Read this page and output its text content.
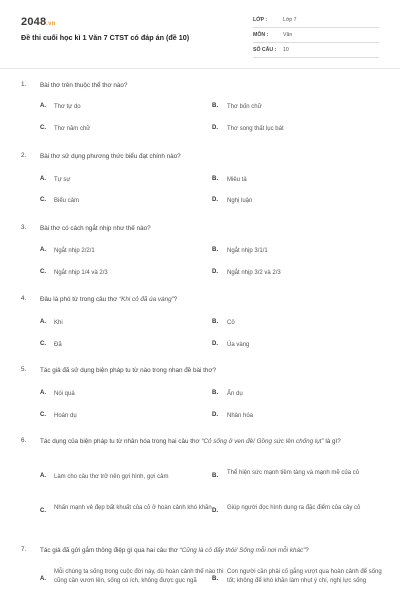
2048.vn
Đề thi cuối học kì 1 Văn 7 CTST có đáp án (đề 10)
LỚP :	Lớp 7
MÔN :	Văn
SỐ CÂU : 10
1. Bài thơ trên thuộc thể thơ nào?
A. Thơ tự do	B. Thơ bốn chữ
C. Thơ năm chữ	D. Thơ song thất lục bát
2. Bài thơ sử dụng phương thức biểu đạt chính nào?
A. Tự sự	B. Miêu tả
C. Biểu cảm	D. Nghị luận
3. Bài thơ có cách ngắt nhịp như thế nào?
A. Ngắt nhịp 2/2/1	B. Ngắt nhịp 3/1/1
C. Ngắt nhịp 1/4 và 2/3	D. Ngắt nhịp 3/2 và 2/3
4. Đâu là phó từ trong câu thơ “Khi cỏ đã úa vàng”?
A. Khi	B. Cỏ
C. Đã	D. Úa vàng
5. Tác giả đã sử dụng biện pháp tu từ nào trong nhan đề bài thơ?
A. Nói quá	B. Ẩn dụ
C. Hoán dụ	D. Nhân hóa
6. Tác dụng của biện pháp tu từ nhân hóa trong hai câu thơ “Cỏ sống ở ven đê/ Gồng sức lên chống lụt” là gì?
A. Làm cho câu thơ trở nên gợi hình, gợi cảm	B. Thể hiện sức mạnh tiềm tàng và mạnh mẽ của cỏ
C. Nhấn mạnh vẻ đẹp bất khuất của cỏ ở hoàn cảnh khó khăn D. Giúp người đọc hình dung ra đặc điểm của cây cỏ
7. Tác giả đã gửi gắm thông điệp gì qua hai câu thơ “Cũng là cỏ đấy thôi/ Sống mỗi nơi mỗi khác”?
A.
Mỗi chúng ta sống trong cuộc đời này, dù hoàn cảnh thế nào thì cũng cần vươn lên, sống có ích, không được gục ngã	B.
Con người cần phải cố gắng vượt qua hoàn cảnh để sống tốt; không để khó khăn làm nhụt ý chí, nghị lực sống
